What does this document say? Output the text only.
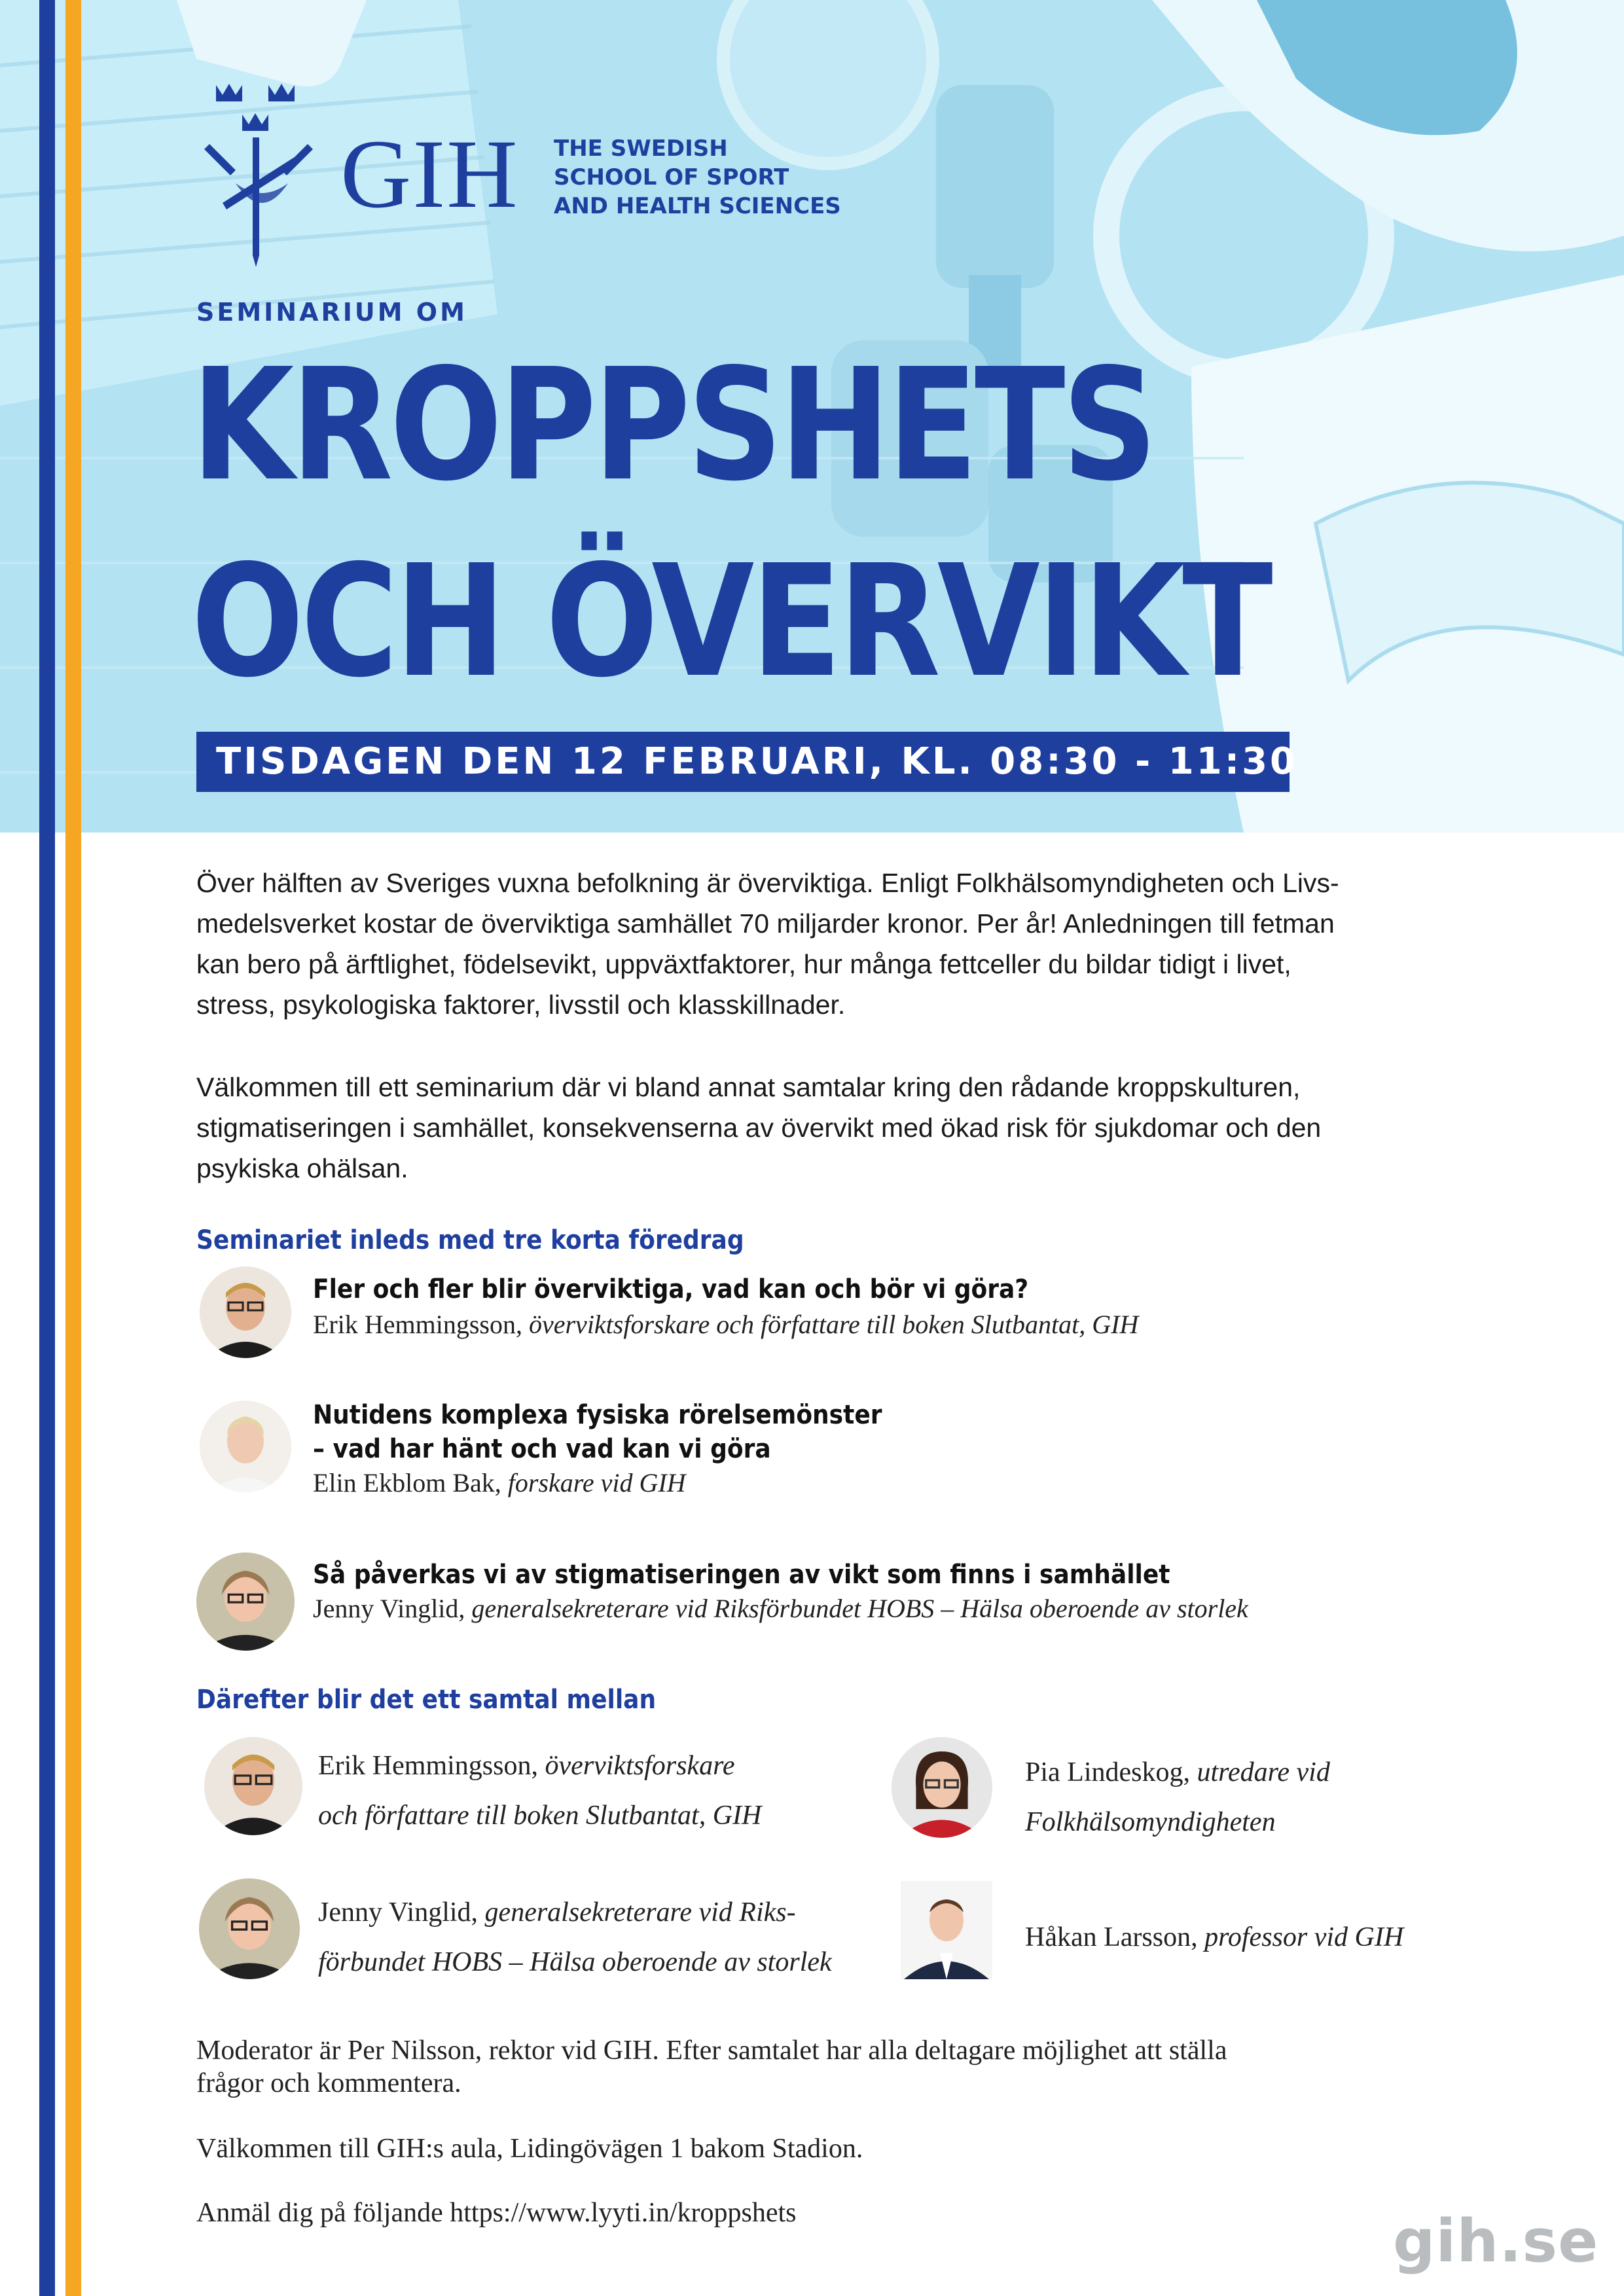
GIH THE SWEDISH
SCHOOL OF SPORT
AND HEALTH SCIENCES
SEMINARIUM OM
KROPPSHETS
OCH ÖVERVIKT
TISDAGEN DEN 12 FEBRUARI, KL. 08:30 - 11:30
Över hälften av Sveriges vuxna befolkning är överviktiga. Enligt Folkhälsomyndigheten och Livs-
medelsverket kostar de överviktiga samhället 70 miljarder kronor. Per år! Anledningen till fetman
kan bero på ärftlighet, födelsevikt, uppväxtfaktorer, hur många fettceller du bildar tidigt i livet,
stress, psykologiska faktorer, livsstil och klasskillnader.
Välkommen till ett seminarium där vi bland annat samtalar kring den rådande kroppskulturen,
stigmatiseringen i samhället, konsekvenserna av övervikt med ökad risk för sjukdomar och den
psykiska ohälsan.
Seminariet inleds med tre korta föredrag
Fler och fler blir överviktiga, vad kan och bör vi göra?
Erik Hemmingsson, överviktsforskare och författare till boken Slutbantat, GIH
Nutidens komplexa fysiska rörelsemönster
– vad har hänt och vad kan vi göra
Elin Ekblom Bak, forskare vid GIH
Så påverkas vi av stigmatiseringen av vikt som finns i samhället
Jenny Vinglid, generalsekreterare vid Riksförbundet HOBS – Hälsa oberoende av storlek
Därefter blir det ett samtal mellan
Erik Hemmingsson, överviktsforskare
och författare till boken Slutbantat, GIH
Pia Lindeskog, utredare vid
Folkhälsomyndigheten
Jenny Vinglid, generalsekreterare vid Riks-
förbundet HOBS – Hälsa oberoende av storlek
Håkan Larsson, professor vid GIH
Moderator är Per Nilsson, rektor vid GIH. Efter samtalet har alla deltagare möjlighet att ställa
frågor och kommentera.
Välkommen till GIH:s aula, Lidingövägen 1 bakom Stadion.
Anmäl dig på följande https://www.lyyti.in/kroppshets	gih.se
